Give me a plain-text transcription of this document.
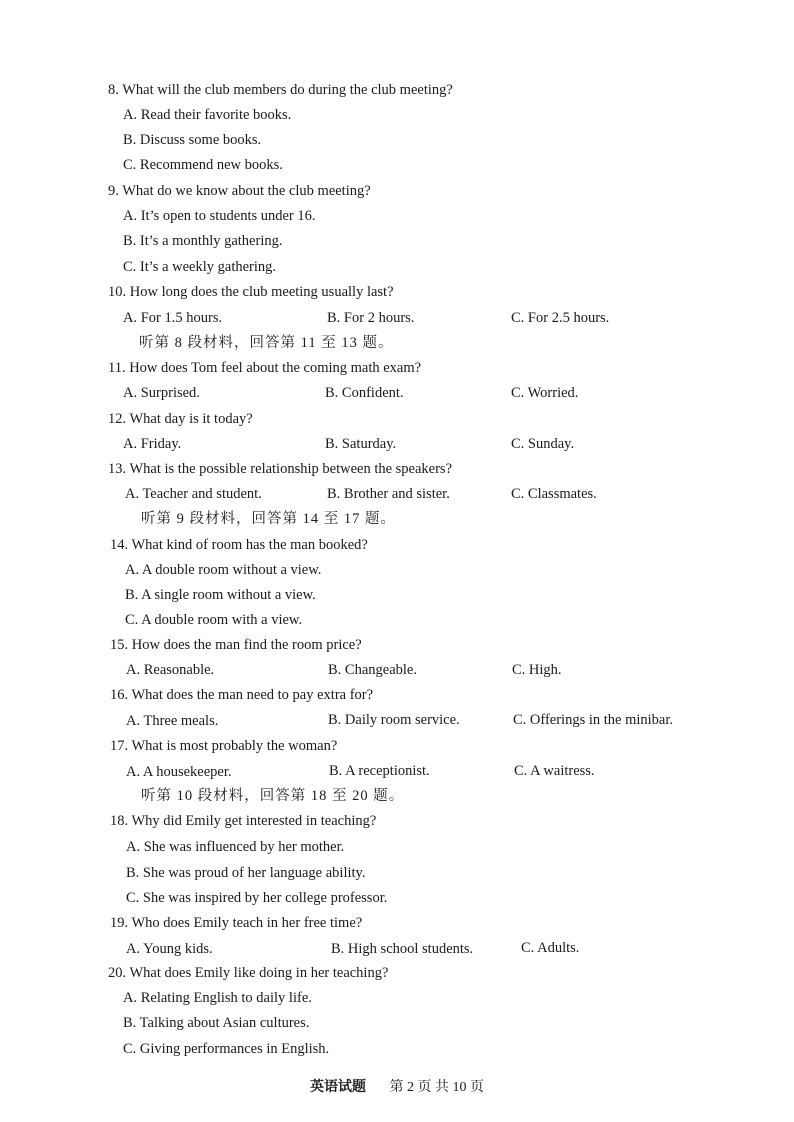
8. What will the club members do during the club meeting?
A. Read their favorite books.
B. Discuss some books.
C. Recommend new books.
9. What do we know about the club meeting?
A. It’s open to students under 16.
B. It’s a monthly gathering.
C. It’s a weekly gathering.
10. How long does the club meeting usually last?
A. For 1.5 hours.	B. For 2 hours.	C. For 2.5 hours.
听第 8 段材料，回答第 11 至 13 题。
11. How does Tom feel about the coming math exam?
A. Surprised.	B. Confident.	C. Worried.
12. What day is it today?
A. Friday.	B. Saturday.	C. Sunday.
13. What is the possible relationship between the speakers?
A. Teacher and student.	B. Brother and sister.	C. Classmates.
听第 9 段材料，回答第 14 至 17 题。
14. What kind of room has the man booked?
A. A double room without a view.
B. A single room without a view.
C. A double room with a view.
15. How does the man find the room price?
A. Reasonable.	B. Changeable.	C. High.
16. What does the man need to pay extra for?
A. Three meals.	B. Daily room service.	C. Offerings in the minibar.
17. What is most probably the woman?
A. A housekeeper.	B. A receptionist.	C. A waitress.
听第 10 段材料，回答第 18 至 20 题。
18. Why did Emily get interested in teaching?
A. She was influenced by her mother.
B. She was proud of her language ability.
C. She was inspired by her college professor.
19. Who does Emily teach in her free time?
A. Young kids.	B. High school students.	C. Adults.
20. What does Emily like doing in her teaching?
A. Relating English to daily life.
B. Talking about Asian cultures.
C. Giving performances in English.
英语试题 第 2 页 共 10 页
